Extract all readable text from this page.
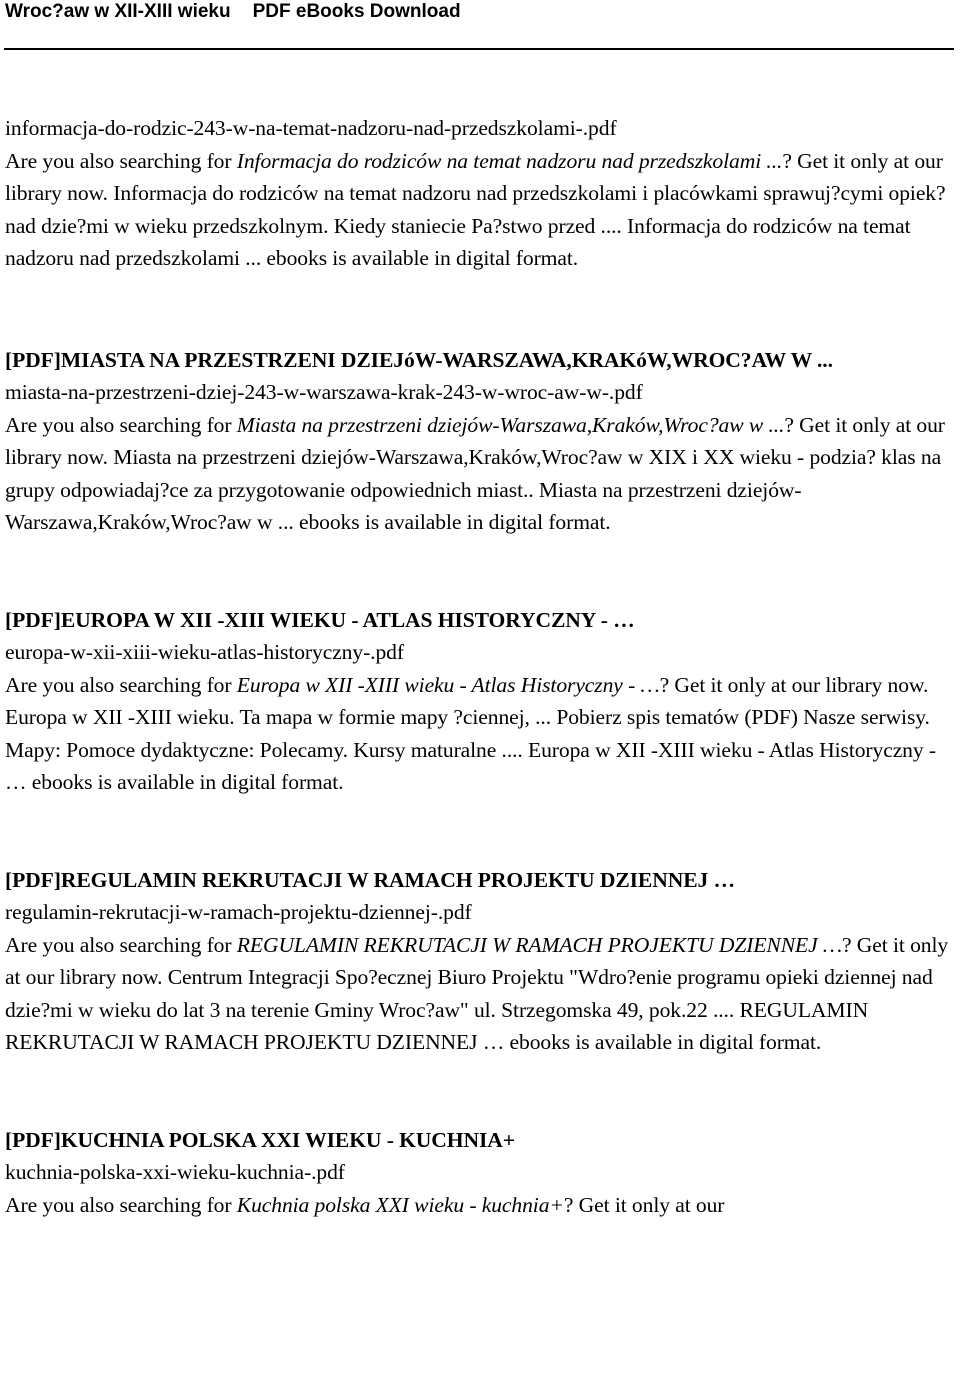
Wroc?aw w XII-XIII wieku PDF eBooks Download

informacja-do-rodzic-243-w-na-temat-nadzoru-nad-przedszkolami-.pdf

Are you also searching for Informacja do rodziców na temat nadzoru nad przedszkolami ...? Get it only at our library now. Informacja do rodziców na temat nadzoru nad przedszkolami i placówkami sprawuj?cymi opiek? nad dzie?mi w wieku przedszkolnym. Kiedy staniecie Pa?stwo przed .... Informacja do rodziców na temat nadzoru nad przedszkolami ... ebooks is available in digital format.

[PDF]MIASTA NA PRZESTRZENI DZIEJóW-WARSZAWA,KRAKóW,WROC?AW W ...

miasta-na-przestrzeni-dziej-243-w-warszawa-krak-243-w-wroc-aw-w-.pdf

Are you also searching for Miasta na przestrzeni dziejów-Warszawa,Kraków,Wroc?aw w ...? Get it only at our library now. Miasta na przestrzeni dziejów-Warszawa,Kraków,Wroc?aw w XIX i XX wieku - podzia? klas na grupy odpowiadaj?ce za przygotowanie odpowiednich miast.. Miasta na przestrzeni dziejów-Warszawa,Kraków,Wroc?aw w ... ebooks is available in digital format.

[PDF]EUROPA W XII -XIII WIEKU - ATLAS HISTORYCZNY - …

europa-w-xii-xiii-wieku-atlas-historyczny-.pdf

Are you also searching for Europa w XII -XIII wieku - Atlas Historyczny - …? Get it only at our library now. Europa w XII -XIII wieku. Ta mapa w formie mapy ?ciennej, ... Pobierz spis tematów (PDF) Nasze serwisy. Mapy: Pomoce dydaktyczne: Polecamy. Kursy maturalne .... Europa w XII -XIII wieku - Atlas Historyczny - … ebooks is available in digital format.

[PDF]REGULAMIN REKRUTACJI W RAMACH PROJEKTU DZIENNEJ …

regulamin-rekrutacji-w-ramach-projektu-dziennej-.pdf

Are you also searching for REGULAMIN REKRUTACJI W RAMACH PROJEKTU DZIENNEJ …? Get it only at our library now. Centrum Integracji Spo?ecznej Biuro Projektu "Wdro?enie programu opieki dziennej nad dzie?mi w wieku do lat 3 na terenie Gminy Wroc?aw" ul. Strzegomska 49, pok.22 .... REGULAMIN REKRUTACJI W RAMACH PROJEKTU DZIENNEJ … ebooks is available in digital format.

[PDF]KUCHNIA POLSKA XXI WIEKU - KUCHNIA+

kuchnia-polska-xxi-wieku-kuchnia-.pdf

Are you also searching for Kuchnia polska XXI wieku - kuchnia+? Get it only at our
